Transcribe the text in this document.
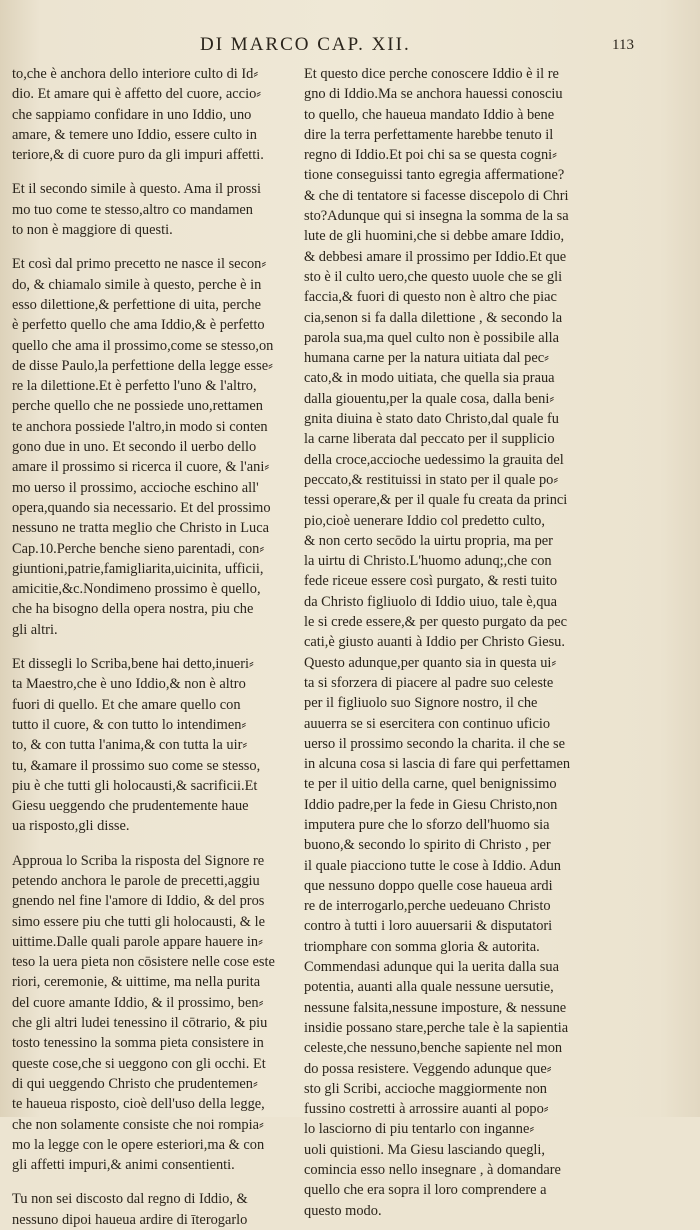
DI MARCO CAP. XII.	113
to,che è anchora dello interiore culto di Id⸗
dio. Et amare qui è affetto del cuore, accio⸗
che sappiamo confidare in uno Iddio, uno
amare, & temere uno Iddio, essere culto in
teriore,& di cuore puro da gli impuri affetti.
Et il secondo simile à questo. Ama il prossi
mo tuo come te stesso,altro co mandamen
to non è maggiore di questi.
Et così dal primo precetto ne nasce il secon⸗
do, & chiamalo simile à questo, perche è in
esso dilettione,& perfettione di uita, perche
è perfetto quello che ama Iddio,& è perfetto
quello che ama il prossimo,come se stesso,on
de disse Paulo,la perfettione della legge esse⸗
re la dilettione.Et è perfetto l'uno & l'altro,
perche quello che ne possiede uno,rettamen
te anchora possiede l'altro,in modo si conten
gono due in uno. Et secondo il uerbo dello
amare il prossimo si ricerca il cuore, & l'ani⸗
mo uerso il prossimo, accioche eschino all'
opera,quando sia necessario. Et del prossimo
nessuno ne tratta meglio che Christo in Luca
Cap.10.Perche benche sieno parentadi, con⸗
giuntioni,patrie,famigliarita,uicinita, ufficii,
amicitie,&c.Nondimeno prossimo è quello,
che ha bisogno della opera nostra, piu che
gli altri.
Et dissegli lo Scriba,bene hai detto,inueri⸗
ta Maestro,che è uno Iddio,& non è altro
fuori di quello. Et che amare quello con
tutto il cuore, & con tutto lo intendimen⸗
to, & con tutta l'anima,& con tutta la uir⸗
tu, &amare il prossimo suo come se stesso,
piu è che tutti gli holocausti,& sacrificii.Et
Giesu ueggendo che prudentemente haue
ua risposto,gli disse.
Approua lo Scriba la risposta del Signore re
petendo anchora le parole de precetti,aggiu
gnendo nel fine l'amore di Iddio, & del pros
simo essere piu che tutti gli holocausti, & le
uittime.Dalle quali parole appare hauere in⸗
teso la uera pieta non cōsistere nelle cose este
riori, ceremonie, & uittime, ma nella purita
del cuore amante Iddio, & il prossimo, ben⸗
che gli altri ludei tenessino il cōtrario, & piu
tosto tenessino la somma pieta consistere in
queste cose,che si ueggono con gli occhi. Et
di qui ueggendo Christo che prudentemen⸗
te haueua risposto, cioè dell'uso della legge,
che non solamente consiste che noi rompia⸗
mo la legge con le opere esteriori,ma & con
gli affetti impuri,& animi consentienti.
Tu non sei discosto dal regno di Iddio, &
nessuno dipoi haueua ardire di īterogarlo
Et questo dice perche conoscere Iddio è il re
gno di Iddio.Ma se anchora hauessi conosciu
to quello, che haueua mandato Iddio à bene
dire la terra perfettamente harebbe tenuto il
regno di Iddio.Et poi chi sa se questa cogni⸗
tione conseguissi tanto egregia affermatione?
& che di tentatore si facesse discepolo di Chri
sto?Adunque qui si insegna la somma de la sa
lute de gli huomini,che si debbe amare Iddio,
& debbesi amare il prossimo per Iddio.Et que
sto è il culto uero,che questo uuole che se gli
faccia,& fuori di questo non è altro che piac
cia,senon si fa dalla dilettione , & secondo la
parola sua,ma quel culto non è possibile alla
humana carne per la natura uitiata dal pec⸗
cato,& in modo uitiata, che quella sia praua
dalla giouentu,per la quale cosa, dalla beni⸗
gnita diuina è stato dato Christo,dal quale fu
la carne liberata dal peccato per il supplicio
della croce,accioche uedessimo la grauita del
peccato,& restituissi in stato per il quale po⸗
tessi operare,& per il quale fu creata da princi
pio,cioè uenerare Iddio col predetto culto,
& non certo secōdo la uirtu propria, ma per
la uirtu di Christo.L'huomo adunq;,che con
fede riceue essere così purgato, & resti tuito
da Christo figliuolo di Iddio uiuo, tale è,qua
le si crede essere,& per questo purgato da pec
cati,è giusto auanti à Iddio per Christo Giesu.
Questo adunque,per quanto sia in questa ui⸗
ta si sforzera di piacere al padre suo celeste
per il figliuolo suo Signore nostro, il che
auuerra se si esercitera con continuo uficio
uerso il prossimo secondo la charita. il che se
in alcuna cosa si lascia di fare qui perfettamen
te per il uitio della carne, quel benignissimo
Iddio padre,per la fede in Giesu Christo,non
imputera pure che lo sforzo dell'huomo sia
buono,& secondo lo spirito di Christo , per
il quale piacciono tutte le cose à Iddio. Adun
que nessuno doppo quelle cose haueua ardi
re de interrogarlo,perche uedeuano Christo
contro à tutti i loro auuersarii & disputatori
triomphare con somma gloria & autorita.
Commendasi adunque qui la uerita dalla sua
potentia, auanti alla quale nessune uersutie,
nessune falsita,nessune imposture, & nessune
insidie possano stare,perche tale è la sapientia
celeste,che nessuno,benche sapiente nel mon
do possa resistere. Veggendo adunque que⸗
sto gli Scribi, accioche maggiormente non
fussino costretti à arrossire auanti al popo⸗
lo lasciorno di piu tentarlo con inganne⸗
uoli quistioni. Ma Giesu lasciando quegli,
comincia esso nello insegnare , à domandare
quello che era sopra il loro comprendere a
questo modo.
